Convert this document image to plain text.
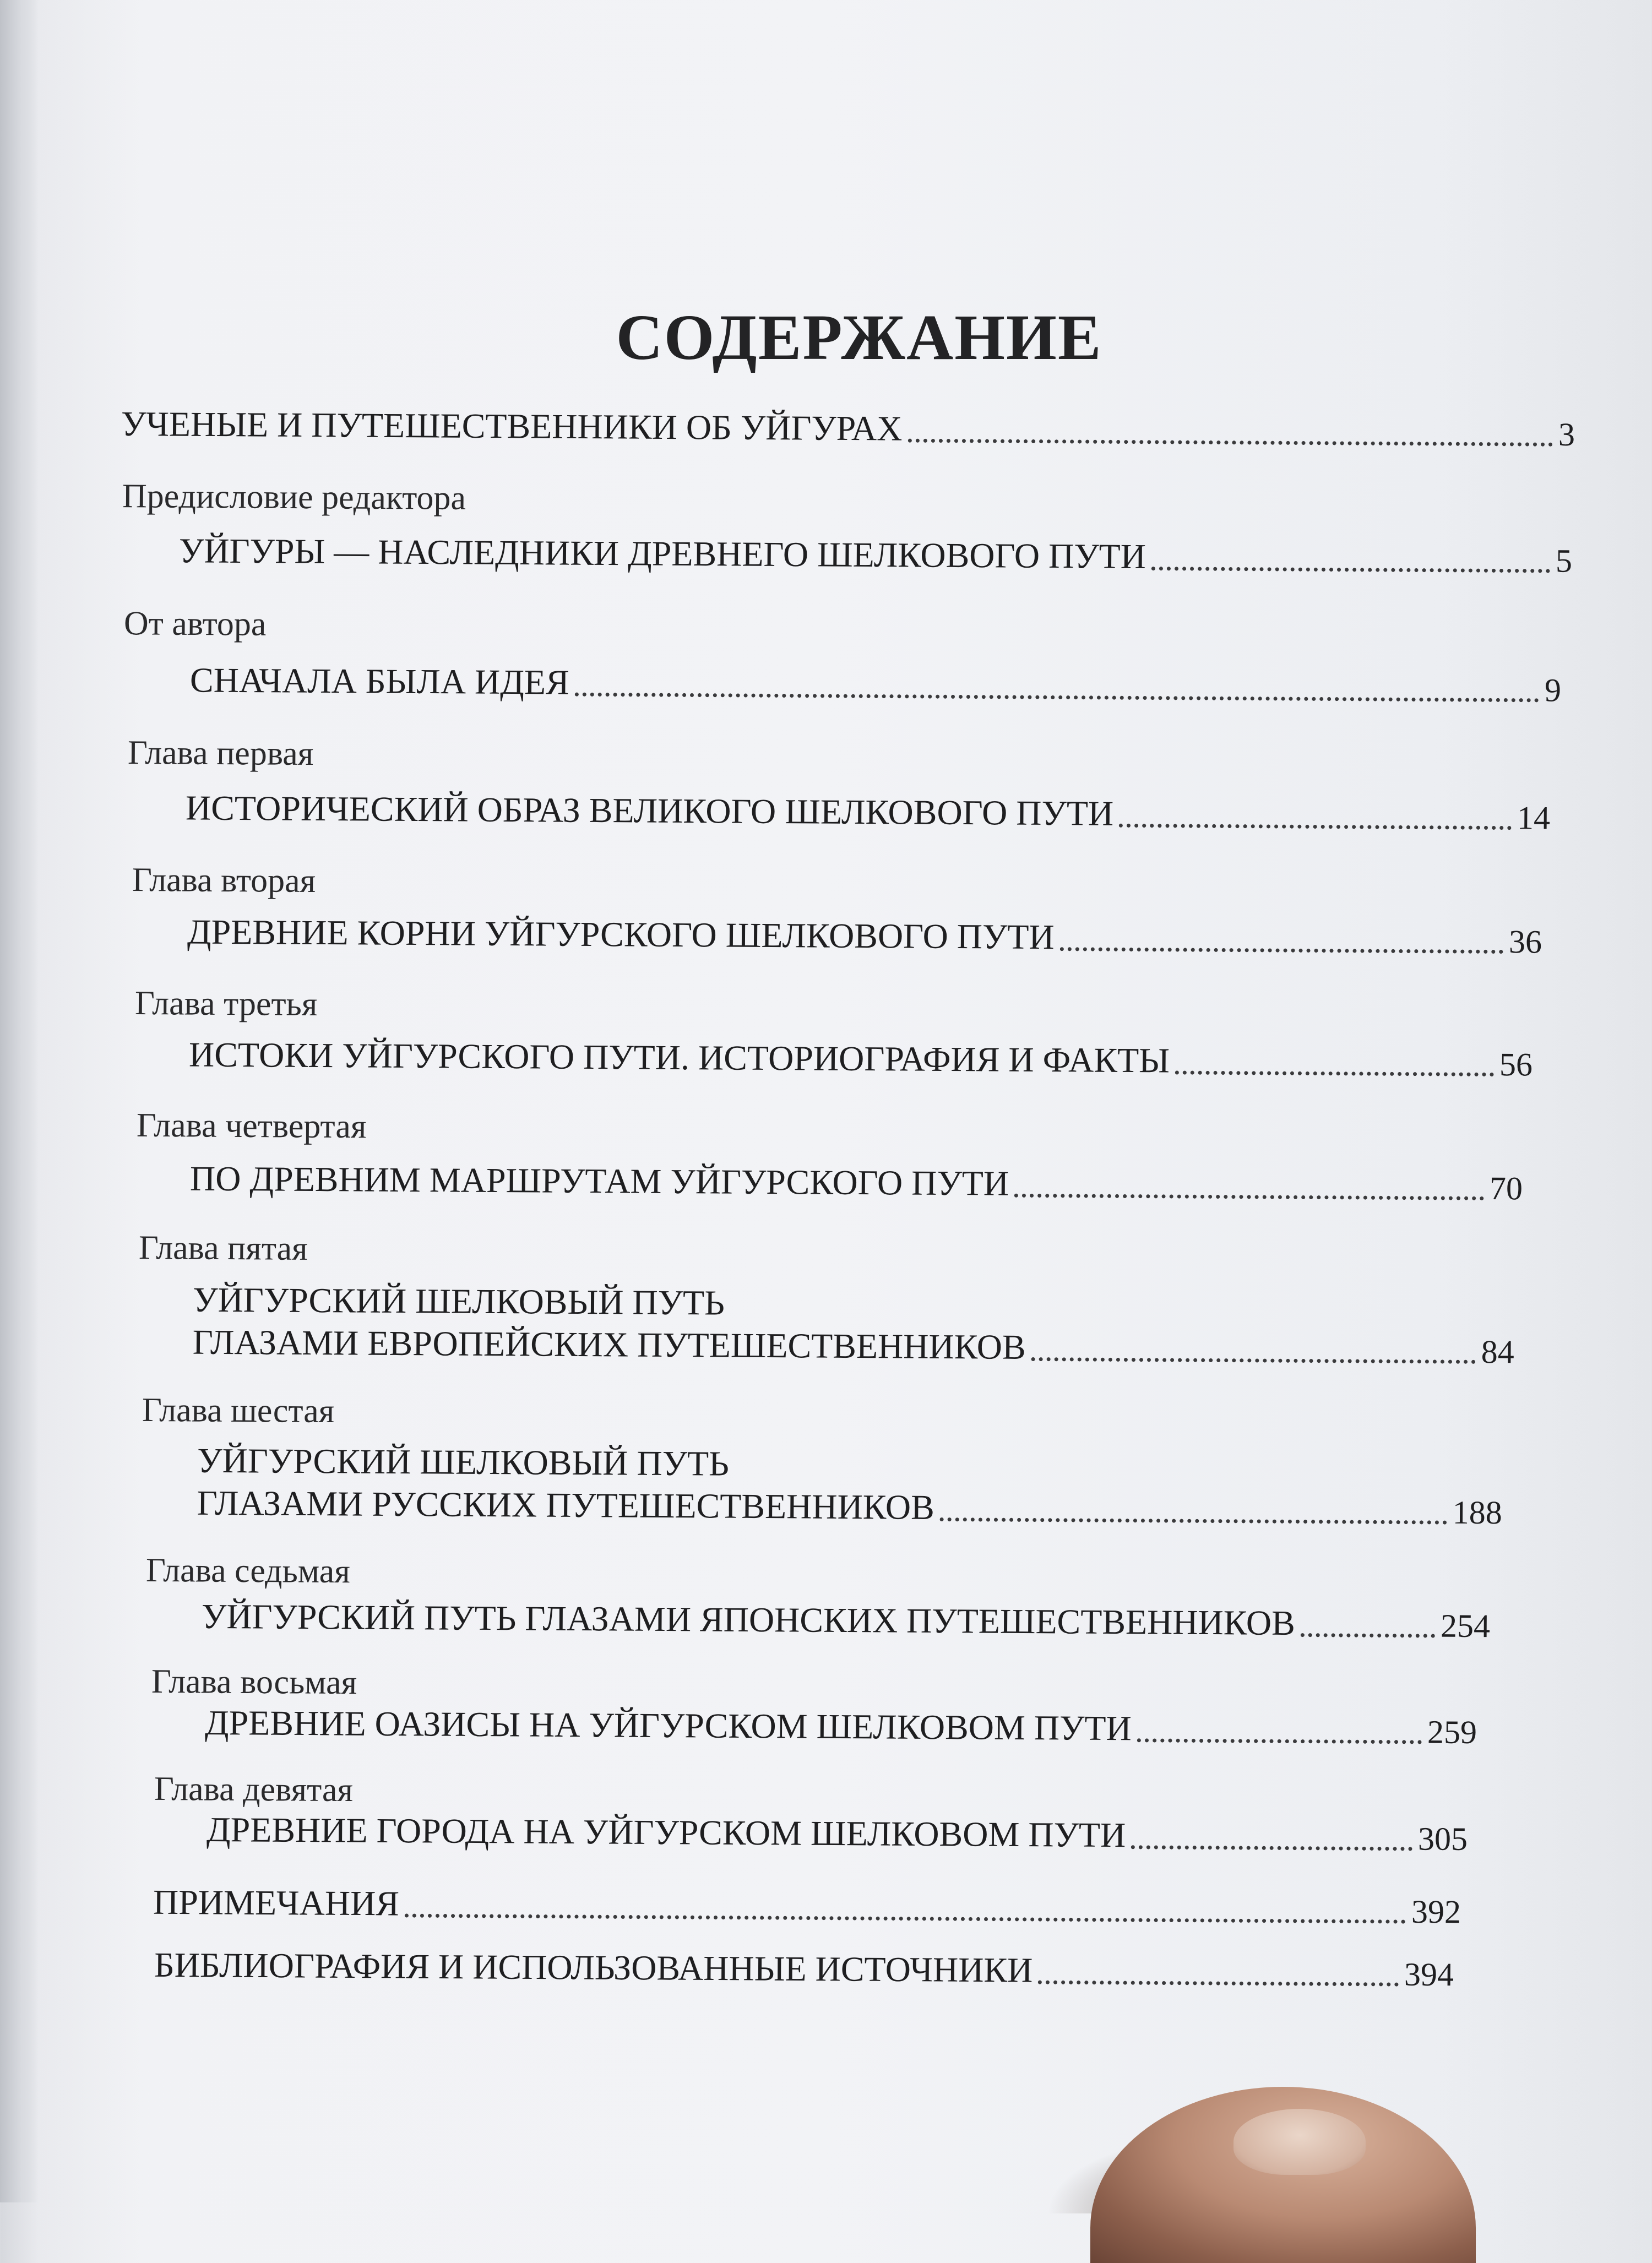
СОДЕРЖАНИЕ
УЧЕНЫЕ И ПУТЕШЕСТВЕННИКИ ОБ УЙГУРАХ	3
Предисловие редактора
УЙГУРЫ — НАСЛЕДНИКИ ДРЕВНЕГО ШЕЛКОВОГО ПУТИ	5
От автора
СНАЧАЛА БЫЛА ИДЕЯ	9
Глава первая
ИСТОРИЧЕСКИЙ ОБРАЗ ВЕЛИКОГО ШЕЛКОВОГО ПУТИ	14
Глава вторая
ДРЕВНИЕ КОРНИ УЙГУРСКОГО ШЕЛКОВОГО ПУТИ	36
Глава третья
ИСТОКИ УЙГУРСКОГО ПУТИ. ИСТОРИОГРАФИЯ И ФАКТЫ	56
Глава четвертая
ПО ДРЕВНИМ МАРШРУТАМ УЙГУРСКОГО ПУТИ	70
Глава пятая
УЙГУРСКИЙ ШЕЛКОВЫЙ ПУТЬ
ГЛАЗАМИ ЕВРОПЕЙСКИХ ПУТЕШЕСТВЕННИКОВ	84
Глава шестая
УЙГУРСКИЙ ШЕЛКОВЫЙ ПУТЬ
ГЛАЗАМИ РУССКИХ ПУТЕШЕСТВЕННИКОВ	188
Глава седьмая
УЙГУРСКИЙ ПУТЬ ГЛАЗАМИ ЯПОНСКИХ ПУТЕШЕСТВЕННИКОВ	254
Глава восьмая
ДРЕВНИЕ ОАЗИСЫ НА УЙГУРСКОМ ШЕЛКОВОМ ПУТИ	259
Глава девятая
ДРЕВНИЕ ГОРОДА НА УЙГУРСКОМ ШЕЛКОВОМ ПУТИ	305
ПРИМЕЧАНИЯ	392
БИБЛИОГРАФИЯ И ИСПОЛЬЗОВАННЫЕ ИСТОЧНИКИ	394
